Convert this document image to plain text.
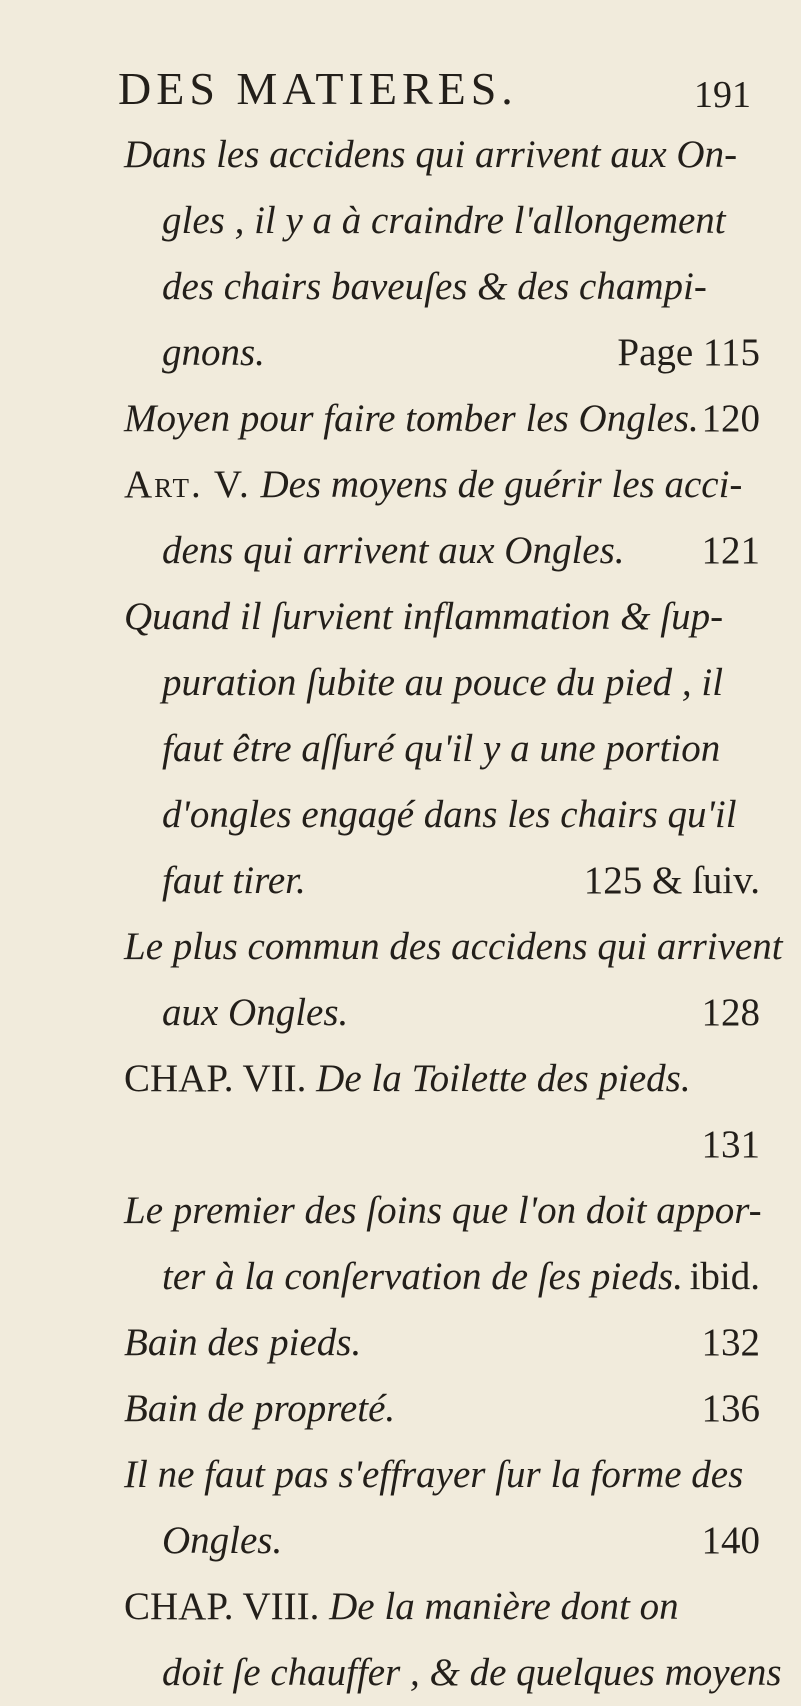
DES MATIERES.	191
Dans les accidens qui arrivent aux On-
gles , il y a à craindre l'allongement
des chairs baveuſes & des champi-
gnons.	Page 115
Moyen pour faire tomber les Ongles. 120
Art. V. Des moyens de guérir les acci-
dens qui arrivent aux Ongles. 121
Quand il ſurvient inflammation & ſup-
puration ſubite au pouce du pied , il
faut être aſſuré qu'il y a une portion
d'ongles engagé dans les chairs qu'il
faut tirer.	125 & ſuiv.
Le plus commun des accidens qui arrivent
aux Ongles.	128
CHAP. VII. De la Toilette des pieds.
131
Le premier des ſoins que l'on doit appor-
ter à la conſervation de ſes pieds. ibid.
Bain des pieds.	132
Bain de propreté.	136
Il ne faut pas s'effrayer ſur la forme des
Ongles.	140
CHAP. VIII. De la manière dont on
doit ſe chauffer , & de quelques moyens
